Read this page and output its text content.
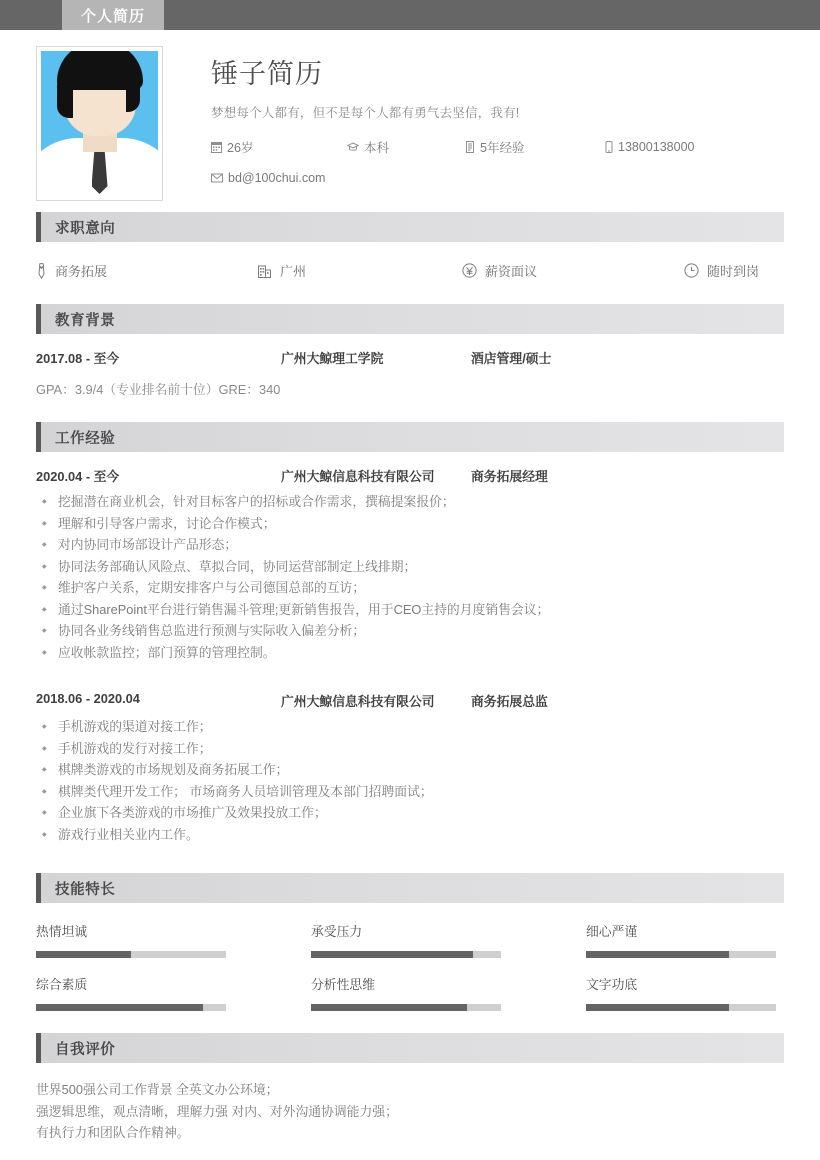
个人简历
锤子简历
梦想每个人都有，但不是每个人都有勇气去坚信，我有!
26岁	本科	5年经验	13800138000
bd@100chui.com
求职意向
商务拓展	广州	薪资面议	随时到岗
教育背景
2017.08 - 至今	广州大鲸理工学院	酒店管理/硕士
GPA：3.9/4（专业排名前十位）GRE：340
工作经验
2020.04 - 至今	广州大鲸信息科技有限公司	商务拓展经理
◆ 挖掘潜在商业机会，针对目标客户的招标或合作需求，撰稿提案报价；
◆ 理解和引导客户需求，讨论合作模式；
◆ 对内协同市场部设计产品形态；
◆ 协同法务部确认风险点、草拟合同，协同运营部制定上线排期；
◆ 维护客户关系，定期安排客户与公司德国总部的互访；
◆ 通过SharePoint平台进行销售漏斗管理;更新销售报告，用于CEO主持的月度销售会议；
◆ 协同各业务线销售总监进行预测与实际收入偏差分析；
◆ 应收帐款监控；部门预算的管理控制。
2018.06 - 2020.04	广州大鲸信息科技有限公司	商务拓展总监
◆ 手机游戏的渠道对接工作；
◆ 手机游戏的发行对接工作；
◆ 棋牌类游戏的市场规划及商务拓展工作；
◆ 棋牌类代理开发工作； 市场商务人员培训管理及本部门招聘面试；
◆ 企业旗下各类游戏的市场推广及效果投放工作；
◆ 游戏行业相关业内工作。
技能特长
热情坦诚	承受压力	细心严谨
综合素质	分析性思维	文字功底
自我评价

世界500强公司工作背景 全英文办公环境；

强逻辑思维，观点清晰，理解力强 对内、对外沟通协调能力强；

有执行力和团队合作精神。
